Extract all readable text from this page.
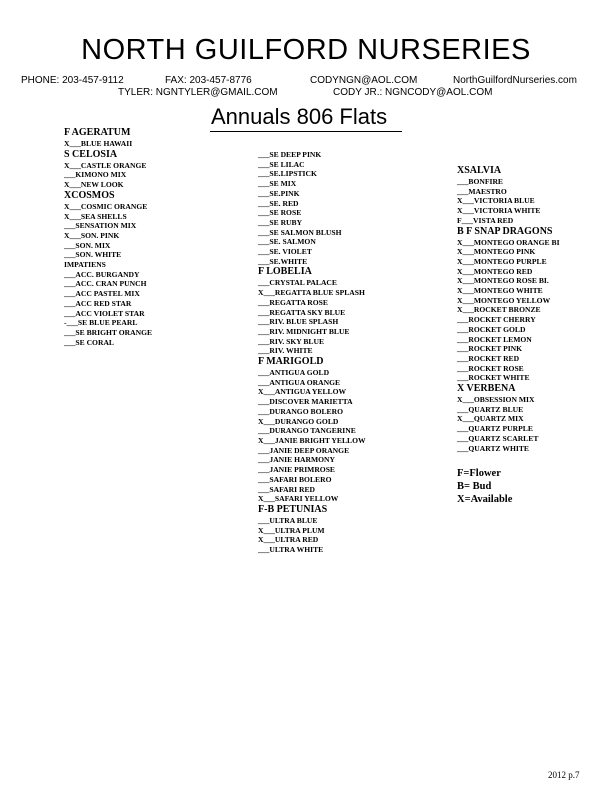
NORTH GUILFORD NURSERIES
PHONE: 203-457-9112	FAX: 203-457-8776	CODYNGN@AOL.COM	NorthGuilfordNurseries.com
TYLER: NGNTYLER@GMAIL.COM	CODY JR.: NGNCODY@AOL.COM
Annuals 806 Flats
F AGERATUM
X___BLUE HAWAII
S CELOSIA
X___CASTLE ORANGE
___KIMONO MIX
X___NEW LOOK
XCOSMOS
X___COSMIC ORANGE
X___SEA SHELLS
___SENSATION MIX
X___SON. PINK
___SON. MIX
___SON. WHITE
IMPATIENS
___ACC. BURGANDY
___ACC. CRAN PUNCH
___ACC PASTEL MIX
___ACC RED STAR
___ACC VIOLET STAR
-___SE BLUE PEARL
___SE BRIGHT ORANGE
___SE CORAL
___SE DEEP PINK
___SE LILAC
___SE.LIPSTICK
___SE MIX
___SE.PINK
___SE. RED
___SE ROSE
___SE RUBY
___SE SALMON BLUSH
___SE. SALMON
___SE. VIOLET
___SE.WHITE
F LOBELIA
___CRYSTAL PALACE
X___REGATTA BLUE SPLASH
___REGATTA ROSE
___REGATTA SKY BLUE
___RIV. BLUE SPLASH
___RIV. MIDNIGHT BLUE
___RIV. SKY BLUE
___RIV. WHITE
F MARIGOLD
___ANTIGUA GOLD
___ANTIGUA ORANGE
X___ANTIGUA YELLOW
___DISCOVER MARIETTA
___DURANGO BOLERO
X___DURANGO GOLD
___DURANGO TANGERINE
X___JANIE BRIGHT YELLOW
___JANIE DEEP ORANGE
___JANIE HARMONY
___JANIE PRIMROSE
___SAFARI BOLERO
___SAFARI RED
X___SAFARI YELLOW
F-B PETUNIAS
___ULTRA BLUE
X___ULTRA PLUM
X___ULTRA RED
___ULTRA WHITE
XSALVIA
___BONFIRE
___MAESTRO
X___VICTORIA BLUE
X___VICTORIA WHITE
F___VISTA RED
B F SNAP DRAGONS
X___MONTEGO ORANGE BI
X___MONTEGO PINK
X___MONTEGO PURPLE
X___MONTEGO RED
X___MONTEGO ROSE BI.
X___MONTEGO WHITE
X___MONTEGO YELLOW
X___ROCKET BRONZE
___ROCKET CHERRY
___ROCKET GOLD
___ROCKET LEMON
___ROCKET PINK
___ROCKET RED
___ROCKET ROSE
___ROCKET WHITE
X VERBENA
X___OBSESSION MIX
___QUARTZ BLUE
X___QUARTZ MIX
___QUARTZ PURPLE
___QUARTZ SCARLET
___QUARTZ WHITE
F=Flower
B= Bud
X=Available
2012 p.7
